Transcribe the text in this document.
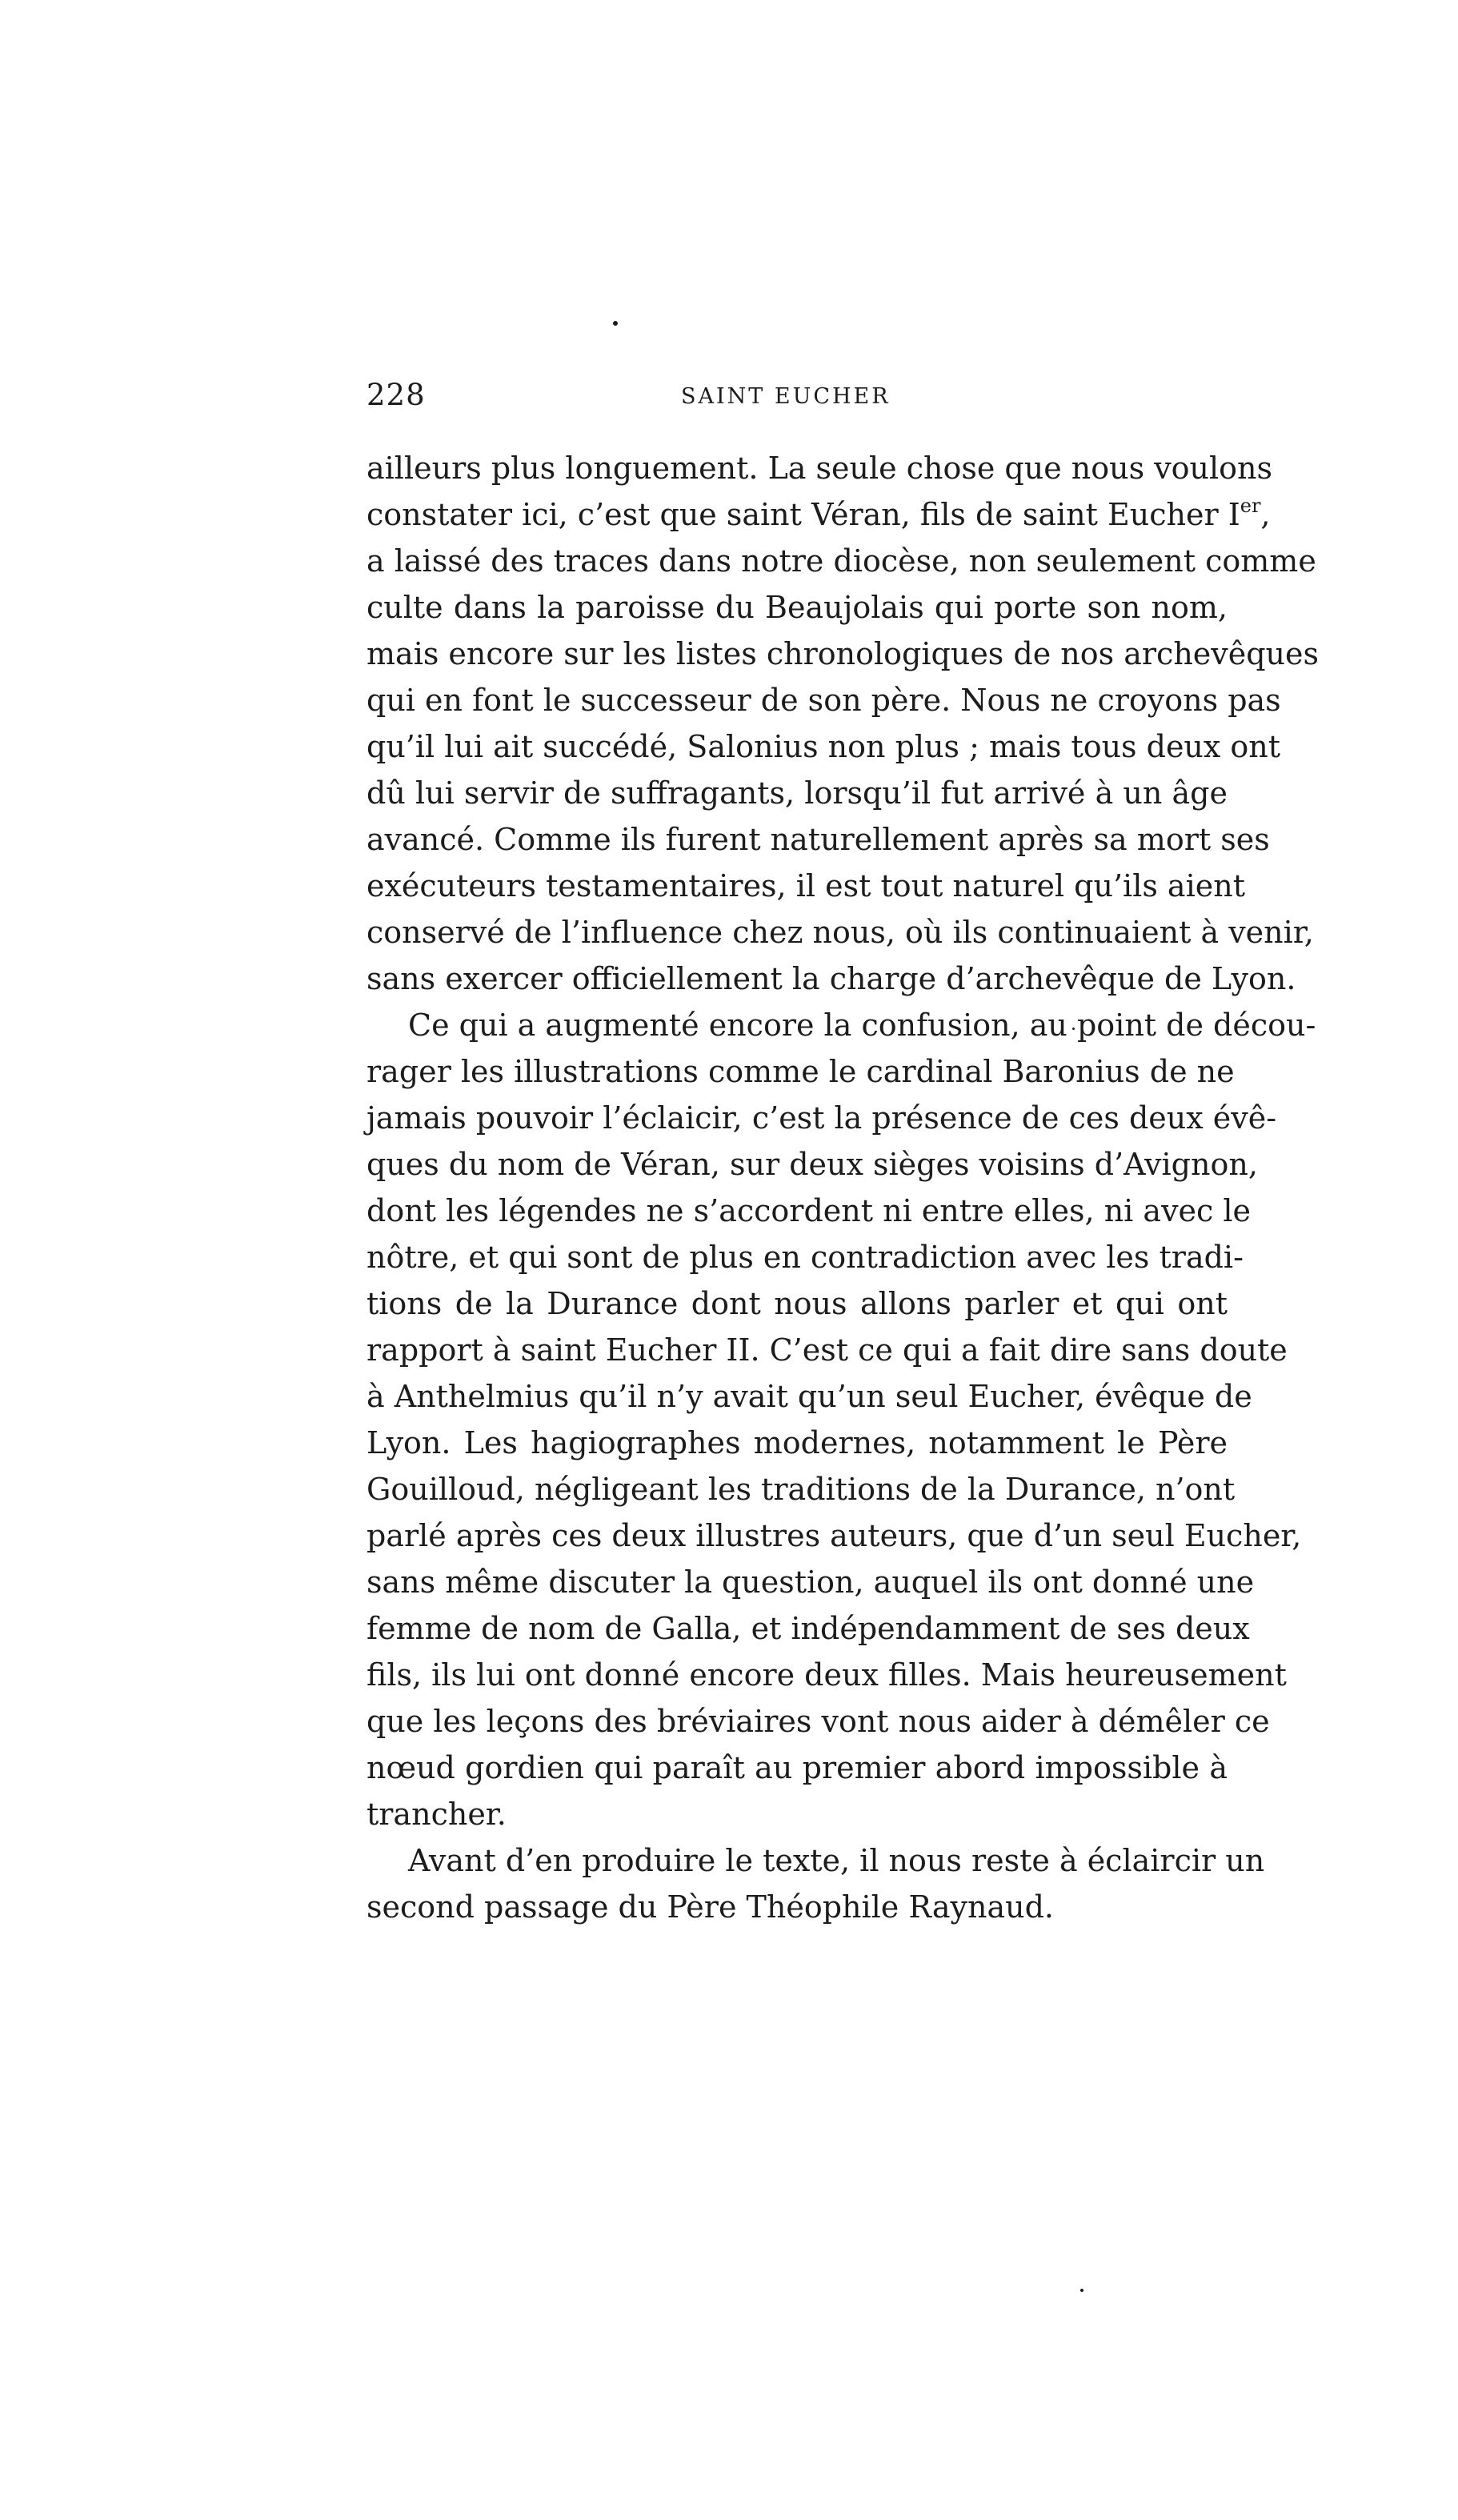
228	SAINT EUCHER
ailleurs plus longuement. La seule chose que nous voulons
constater ici, c’est que saint Véran, fils de saint Eucher Ier,
a laissé des traces dans notre diocèse, non seulement comme
culte dans la paroisse du Beaujolais qui porte son nom,
mais encore sur les listes chronologiques de nos archevêques
qui en font le successeur de son père. Nous ne croyons pas
qu’il lui ait succédé, Salonius non plus ; mais tous deux ont
dû lui servir de suffragants, lorsqu’il fut arrivé à un âge
avancé. Comme ils furent naturellement après sa mort ses
exécuteurs testamentaires, il est tout naturel qu’ils aient
conservé de l’influence chez nous, où ils continuaient à venir,
sans exercer officiellement la charge d’archevêque de Lyon.
Ce qui a augmenté encore la confusion, au point de décou-
rager les illustrations comme le cardinal Baronius de ne
jamais pouvoir l’éclaicir, c’est la présence de ces deux évê-
ques du nom de Véran, sur deux sièges voisins d’Avignon,
dont les légendes ne s’accordent ni entre elles, ni avec le
nôtre, et qui sont de plus en contradiction avec les tradi-
tions de la Durance dont nous allons parler et qui ont
rapport à saint Eucher II. C’est ce qui a fait dire sans doute
à Anthelmius qu’il n’y avait qu’un seul Eucher, évêque de
Lyon. Les hagiographes modernes, notamment le Père
Gouilloud, négligeant les traditions de la Durance, n’ont
parlé après ces deux illustres auteurs, que d’un seul Eucher,
sans même discuter la question, auquel ils ont donné une
femme de nom de Galla, et indépendamment de ses deux
fils, ils lui ont donné encore deux filles. Mais heureusement
que les leçons des bréviaires vont nous aider à démêler ce
nœud gordien qui paraît au premier abord impossible à
trancher.
Avant d’en produire le texte, il nous reste à éclaircir un
second passage du Père Théophile Raynaud.
